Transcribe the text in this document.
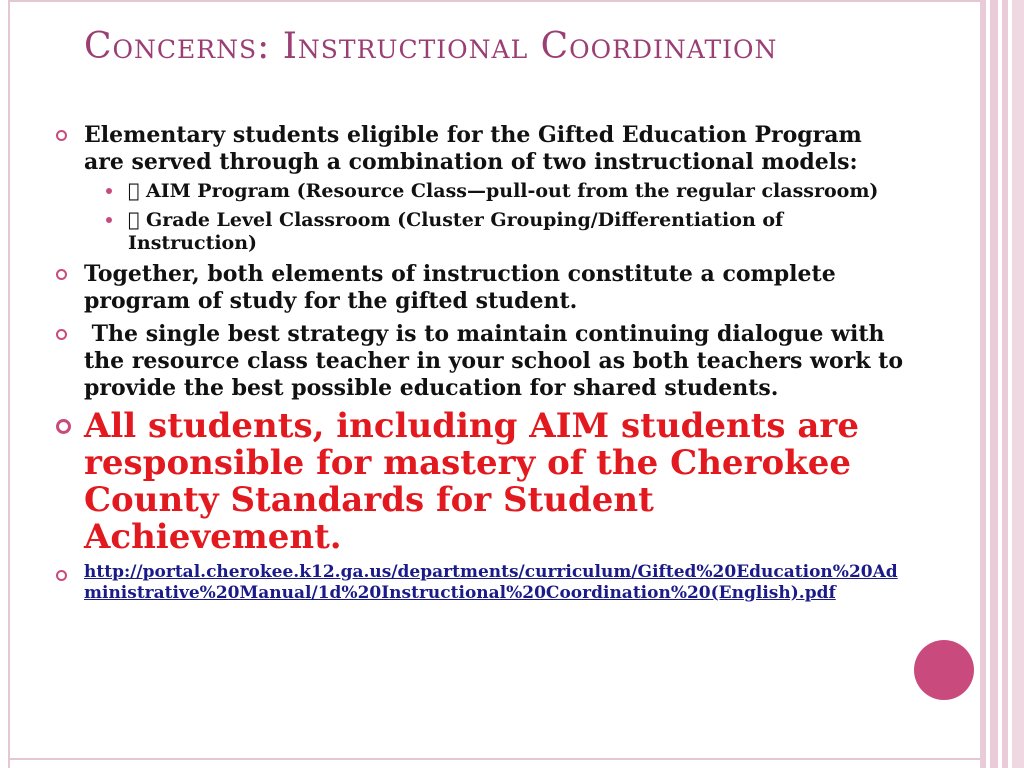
Concerns: Instructional Coordination

Elementary students eligible for the Gifted Education Program are served through a combination of two instructional models:

AIM Program (Resource Class—pull-out from the regular classroom)

Grade Level Classroom (Cluster Grouping/Differentiation of Instruction)

Together, both elements of instruction constitute a complete program of study for the gifted student.

The single best strategy is to maintain continuing dialogue with the resource class teacher in your school as both teachers work to provide the best possible education for shared students.

All students, including AIM students are responsible for mastery of the Cherokee County Standards for Student Achievement.

http://portal.cherokee.k12.ga.us/departments/curriculum/Gifted%20Education%20Administrative%20Manual/1d%20Instructional%20Coordination%20(English).pdf
